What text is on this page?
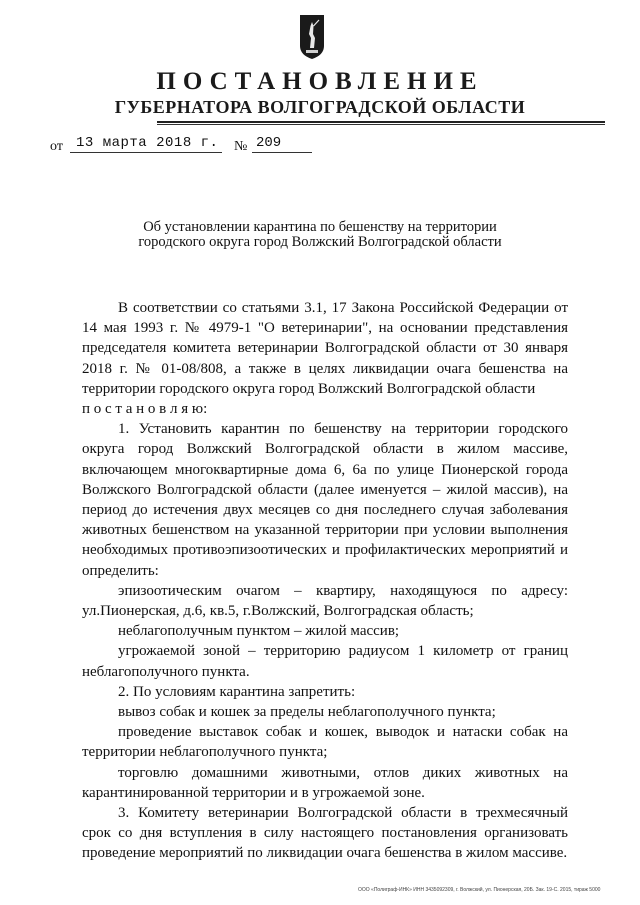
ПОСТАНОВЛЕНИЕ
ГУБЕРНАТОРА ВОЛГОГРАДСКОЙ ОБЛАСТИ
от 13 марта 2018 г. № 209
Об установлении карантина по бешенству на территории
городского округа город Волжский Волгоградской области

В соответствии со статьями 3.1, 17 Закона Российской Федерации от 14 мая 1993 г. № 4979-1 "О ветеринарии", на основании представления председателя комитета ветеринарии Волгоградской области от 30 января 2018 г. № 01-08/808, а также в целях ликвидации очага бешенства на территории городского округа город Волжский Волгоградской области

п о с т а н о в л я ю:

1. Установить карантин по бешенству на территории городского округа город Волжский Волгоградской области в жилом массиве, включающем многоквартирные дома 6, 6а по улице Пионерской города Волжского Волгоградской области (далее именуется – жилой массив), на период до истечения двух месяцев со дня последнего случая заболевания животных бешенством на указанной территории при условии выполнения необходимых противоэпизоотических и профилактических мероприятий и определить:

эпизоотическим очагом – квартиру, находящуюся по адресу: ул.Пионерская, д.6, кв.5, г.Волжский, Волгоградская область;

неблагополучным пунктом – жилой массив;

угрожаемой зоной – территорию радиусом 1 километр от границ неблагополучного пункта.

2. По условиям карантина запретить:

вывоз собак и кошек за пределы неблагополучного пункта;

проведение выставок собак и кошек, выводок и натаски собак на территории неблагополучного пункта;

торговлю домашними животными, отлов диких животных на карантинированной территории и в угрожаемой зоне.

3. Комитету ветеринарии Волгоградской области в трехмесячный срок со дня вступления в силу настоящего постановления организовать проведение мероприятий по ликвидации очага бешенства в жилом массиве.

ООО «Полиграф-ИНК» ИНН 3435092309, г. Волжский, ул. Пионерская, 20Б. Зак. 19-С. 2015, тираж 5000
